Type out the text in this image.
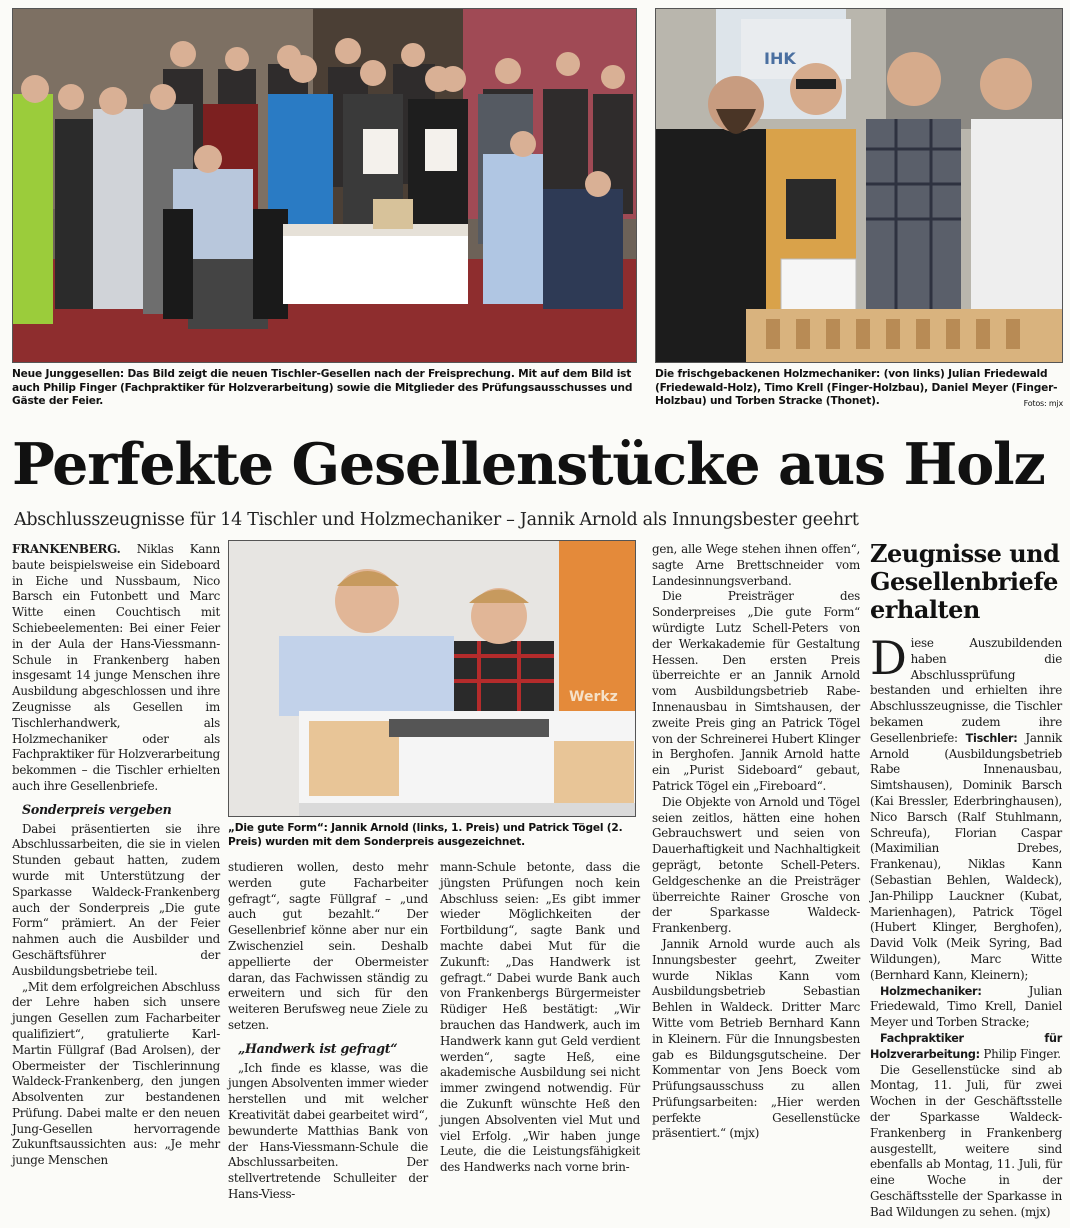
IHK
Neue Junggesellen: Das Bild zeigt die neuen Tischler-Gesellen nach der Freisprechung. Mit auf dem Bild ist auch Philip Finger (Fachpraktiker für Holzverarbeitung) sowie die Mitglieder des Prüfungsausschusses und Gäste der Feier.
Die frischgebackenen Holzmechaniker: (von links) Julian Friedewald (Friedewald-Holz), Timo Krell (Finger-Holzbau), Daniel Meyer (Finger-Holzbau) und Torben Stracke (Thonet).	Fotos: mjx
Perfekte Gesellenstücke aus Holz
Abschlusszeugnisse für 14 Tischler und Holzmechaniker – Jannik Arnold als Innungsbester geehrt
Werkz
„Die gute Form“: Jannik Arnold (links, 1. Preis) und Patrick Tögel (2. Preis) wurden mit dem Sonderpreis ausgezeichnet.

FRANKENBERG. Niklas Kann baute beispielsweise ein Sideboard in Eiche und Nussbaum, Nico Barsch ein Futonbett und Marc Witte einen Couchtisch mit Schiebeelementen: Bei einer Feier in der Aula der Hans-Viessmann-Schule in Frankenberg haben insgesamt 14 junge Menschen ihre Ausbildung abgeschlossen und ihre Zeugnisse als Gesellen im Tischlerhandwerk, als Holzmechaniker oder als Fachpraktiker für Holzverarbeitung bekommen – die Tischler erhielten auch ihre Gesellenbriefe.

Sonderpreis vergeben

Dabei präsentierten sie ihre Abschlussarbeiten, die sie in vielen Stunden gebaut hatten, zudem wurde mit Unterstützung der Sparkasse Waldeck-Frankenberg auch der Sonderpreis „Die gute Form“ prämiert. An der Feier nahmen auch die Ausbilder und Geschäftsführer der Ausbildungsbetriebe teil.

„Mit dem erfolgreichen Abschluss der Lehre haben sich unsere jungen Gesellen zum Facharbeiter qualifiziert“, gratulierte Karl-Martin Füllgraf (Bad Arolsen), der Obermeister der Tischlerinnung Waldeck-Frankenberg, den jungen Absolventen zur bestandenen Prüfung. Dabei malte er den neuen Jung-Gesellen hervorragende Zukunftsaussichten aus: „Je mehr junge Menschen

studieren wollen, desto mehr werden gute Facharbeiter gefragt“, sagte Füllgraf – „und auch gut bezahlt.“ Der Gesellenbrief könne aber nur ein Zwischenziel sein. Deshalb appellierte der Obermeister daran, das Fachwissen ständig zu erweitern und sich für den weiteren Berufsweg neue Ziele zu setzen.

„Handwerk ist gefragt“

„Ich finde es klasse, was die jungen Absolventen immer wieder herstellen und mit welcher Kreativität dabei gearbeitet wird“, bewunderte Matthias Bank von der Hans-Viessmann-Schule die Abschlussarbeiten. Der stellvertretende Schulleiter der Hans-Viess-

mann-Schule betonte, dass die jüngsten Prüfungen noch kein Abschluss seien: „Es gibt immer wieder Möglichkeiten der Fortbildung“, sagte Bank und machte dabei Mut für die Zukunft: „Das Handwerk ist gefragt.“ Dabei wurde Bank auch von Frankenbergs Bürgermeister Rüdiger Heß bestätigt: „Wir brauchen das Handwerk, auch im Handwerk kann gut Geld verdient werden“, sagte Heß, eine akademische Ausbildung sei nicht immer zwingend notwendig. Für die Zukunft wünschte Heß den jungen Absolventen viel Mut und viel Erfolg. „Wir haben junge Leute, die die Leistungsfähigkeit des Handwerks nach vorne brin-

gen, alle Wege stehen ihnen offen“, sagte Arne Brettschneider vom Landesinnungsverband.

Die Preisträger des Sonderpreises „Die gute Form“ würdigte Lutz Schell-Peters von der Werkakademie für Gestaltung Hessen. Den ersten Preis überreichte er an Jannik Arnold vom Ausbildungsbetrieb Rabe-Innenausbau in Simtshausen, der zweite Preis ging an Patrick Tögel von der Schreinerei Hubert Klinger in Berghofen. Jannik Arnold hatte ein „Purist Sideboard“ gebaut, Patrick Tögel ein „Fireboard“.

Die Objekte von Arnold und Tögel seien zeitlos, hätten eine hohen Gebrauchswert und seien von Dauerhaftigkeit und Nachhaltigkeit geprägt, betonte Schell-Peters. Geldgeschenke an die Preisträger überreichte Rainer Grosche von der Sparkasse Waldeck-Frankenberg.

Jannik Arnold wurde auch als Innungsbester geehrt, Zweiter wurde Niklas Kann vom Ausbildungsbetrieb Sebastian Behlen in Waldeck. Dritter Marc Witte vom Betrieb Bernhard Kann in Kleinern. Für die Innungsbesten gab es Bildungsgutscheine. Der Kommentar von Jens Boeck vom Prüfungsausschuss zu allen Prüfungsarbeiten: „Hier werden perfekte Gesellenstücke präsentiert.“ (mjx)

Zeugnisse und Gesellenbriefe erhalten

Diese Auszubildenden haben die Abschlussprüfung bestanden und erhielten ihre Abschlusszeugnisse, die Tischler bekamen zudem ihre Gesellenbriefe: Tischler: Jannik Arnold (Ausbildungsbetrieb Rabe Innenausbau, Simtshausen), Dominik Barsch (Kai Bressler, Ederbringhausen), Nico Barsch (Ralf Stuhlmann, Schreufa), Florian Caspar (Maximilian Drebes, Frankenau), Niklas Kann (Sebastian Behlen, Waldeck), Jan-Philipp Lauckner (Kubat, Marienhagen), Patrick Tögel (Hubert Klinger, Berghofen), David Volk (Meik Syring, Bad Wildungen), Marc Witte (Bernhard Kann, Kleinern);

Holzmechaniker:	Julian Friedewald, Timo Krell, Daniel Meyer und Torben Stracke;

Fachpraktiker für Holzverarbeitung: Philip Finger.

Die Gesellenstücke sind ab Montag, 11. Juli, für zwei Wochen in der Geschäftsstelle der Sparkasse Waldeck-Frankenberg in Frankenberg ausgestellt, weitere sind ebenfalls ab Montag, 11. Juli, für eine Woche in der Geschäftsstelle der Sparkasse in Bad Wildungen zu sehen. (mjx)
